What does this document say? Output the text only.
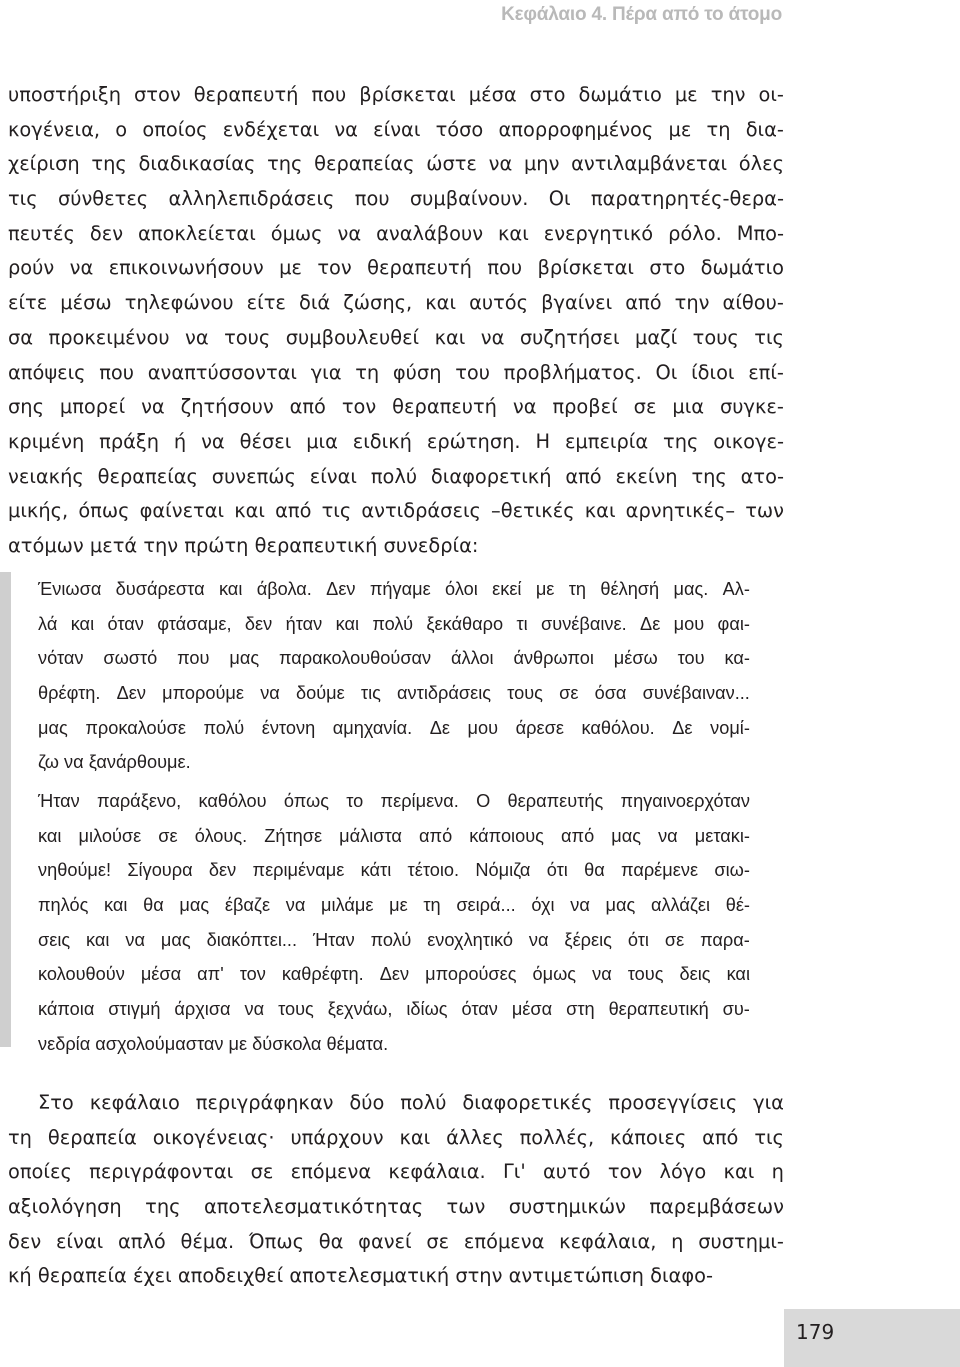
Κεφάλαιο 4. Πέρα από το άτομο
υποστήριξη στον θεραπευτή που βρίσκεται μέσα στο δωμάτιο με την οι-
κογένεια, ο οποίος ενδέχεται να είναι τόσο απορροφημένος με τη δια-
χείριση της διαδικασίας της θεραπείας ώστε να μην αντιλαμβάνεται όλες
τις σύνθετες αλληλεπιδράσεις που συμβαίνουν. Οι παρατηρητές-θερα-
πευτές δεν αποκλείεται όμως να αναλάβουν και ενεργητικό ρόλο. Μπο-
ρούν να επικοινωνήσουν με τον θεραπευτή που βρίσκεται στο δωμάτιο
είτε μέσω τηλεφώνου είτε διά ζώσης, και αυτός βγαίνει από την αίθου-
σα προκειμένου να τους συμβουλευθεί και να συζητήσει μαζί τους τις
απόψεις που αναπτύσσονται για τη φύση του προβλήματος. Οι ίδιοι επί-
σης μπορεί να ζητήσουν από τον θεραπευτή να προβεί σε μια συγκε-
κριμένη πράξη ή να θέσει μια ειδική ερώτηση. Η εμπειρία της οικογε-
νειακής θεραπείας συνεπώς είναι πολύ διαφορετική από εκείνη της ατο-
μικής, όπως φαίνεται και από τις αντιδράσεις –θετικές και αρνητικές– των
ατόμων μετά την πρώτη θεραπευτική συνεδρία:
Ένιωσα δυσάρεστα και άβολα. Δεν πήγαμε όλοι εκεί με τη θέλησή μας. Αλ-
λά και όταν φτάσαμε, δεν ήταν και πολύ ξεκάθαρο τι συνέβαινε. Δε μου φαι-
νόταν σωστό που μας παρακολουθούσαν άλλοι άνθρωποι μέσω του κα-
θρέφτη. Δεν μπορούμε να δούμε τις αντιδράσεις τους σε όσα συνέβαιναν...
μας προκαλούσε πολύ έντονη αμηχανία. Δε μου άρεσε καθόλου. Δε νομί-
ζω να ξανάρθουμε.
Ήταν παράξενο, καθόλου όπως το περίμενα. Ο θεραπευτής πηγαινοερχόταν
και μιλούσε σε όλους. Ζήτησε μάλιστα από κάποιους από μας να μετακι-
νηθούμε! Σίγουρα δεν περιμέναμε κάτι τέτοιο. Νόμιζα ότι θα παρέμενε σιω-
πηλός και θα μας έβαζε να μιλάμε με τη σειρά... όχι να μας αλλάζει θέ-
σεις και να μας διακόπτει... Ήταν πολύ ενοχλητικό να ξέρεις ότι σε παρα-
κολουθούν μέσα απ' τον καθρέφτη. Δεν μπορούσες όμως να τους δεις και
κάποια στιγμή άρχισα να τους ξεχνάω, ιδίως όταν μέσα στη θεραπευτική συ-
νεδρία ασχολούμασταν με δύσκολα θέματα.
Στο κεφάλαιο περιγράφηκαν δύο πολύ διαφορετικές προσεγγίσεις για
τη θεραπεία οικογένειας· υπάρχουν και άλλες πολλές, κάποιες από τις
οποίες περιγράφονται σε επόμενα κεφάλαια. Γι' αυτό τον λόγο και η
αξιολόγηση της αποτελεσματικότητας των συστημικών παρεμβάσεων
δεν είναι απλό θέμα. Όπως θα φανεί σε επόμενα κεφάλαια, η συστημι-
κή θεραπεία έχει αποδειχθεί αποτελεσματική στην αντιμετώπιση διαφο-
179
